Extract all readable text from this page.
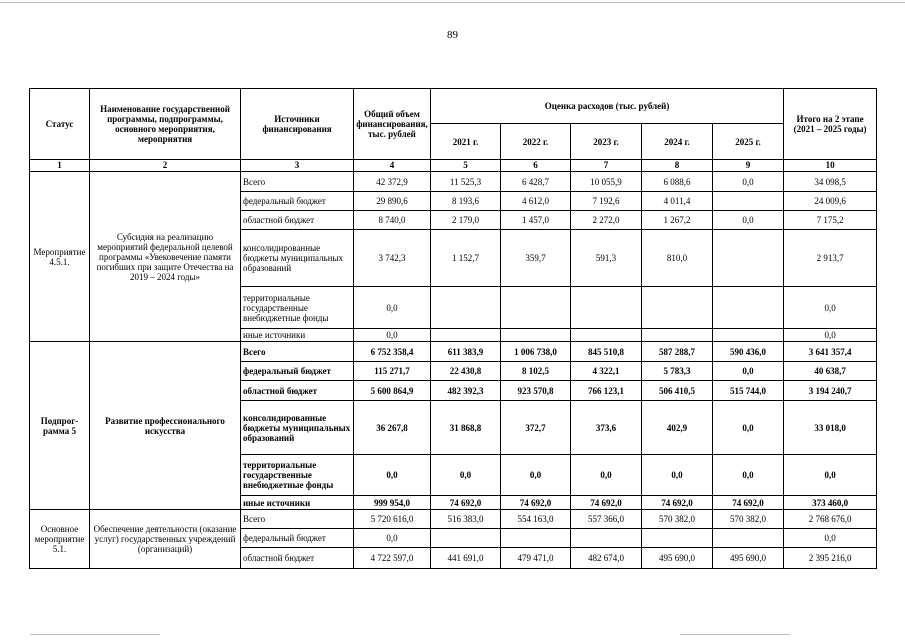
89
Статус	Наименование государственной программы, подпрограммы, основного мероприятия, мероприятия	Источники финансирования	Общий объем финансирования, тыс. рублей	Оценка расходов (тыс. рублей)					Итого на 2 этапе (2021 – 2025 годы)
				2021 г.	2022 г.	2023 г.	2024 г.	2025 г.	
1	2	3	4	5	6	7	8	9	10
Мероприятие 4.5.1.	Субсидия на реализацию мероприятий федеральной целевой программы «Увековечение памяти погибших при защите Отечества на 2019 – 2024 годы»	Всего	42 372,9	11 525,3	6 428,7	10 055,9	6 088,6	0,0	34 098,5
		федеральный бюджет	29 890,6	8 193,6	4 612,0	7 192,6	4 011,4		24 009,6
		областной бюджет	8 740,0	2 179,0	1 457,0	2 272,0	1 267,2	0,0	7 175,2
		консолидированные бюджеты муниципальных образований	3 742,3	1 152,7	359,7	591,3	810,0		2 913,7
		территориальные государственные внебюджетные фонды	0,0						0,0
		иные источники	0,0						0,0
Подпрог-рамма 5	Развитие профессионального искусства	Всего	6 752 358,4	611 383,9	1 006 738,0	845 510,8	587 288,7	590 436,0	3 641 357,4
		федеральный бюджет	115 271,7	22 430,8	8 102,5	4 322,1	5 783,3	0,0	40 638,7
		областной бюджет	5 600 864,9	482 392,3	923 570,8	766 123,1	506 410,5	515 744,0	3 194 240,7
		консолидированные бюджеты муниципальных образований	36 267,8	31 868,8	372,7	373,6	402,9	0,0	33 018,0
		территориальные государственные внебюджетные фонды	0,0	0,0	0,0	0,0	0,0	0,0	0,0
		иные источники	999 954,0	74 692,0	74 692,0	74 692,0	74 692,0	74 692,0	373 460,0
Основное мероприятие 5.1.	Обеспечение деятельности (оказание услуг) государственных учреждений (организаций)	Всего	5 720 616,0	516 383,0	554 163,0	557 366,0	570 382,0	570 382,0	2 768 676,0
		федеральный бюджет	0,0						0,0
		областной бюджет	4 722 597,0	441 691,0	479 471,0	482 674,0	495 690,0	495 690,0	2 395 216,0
